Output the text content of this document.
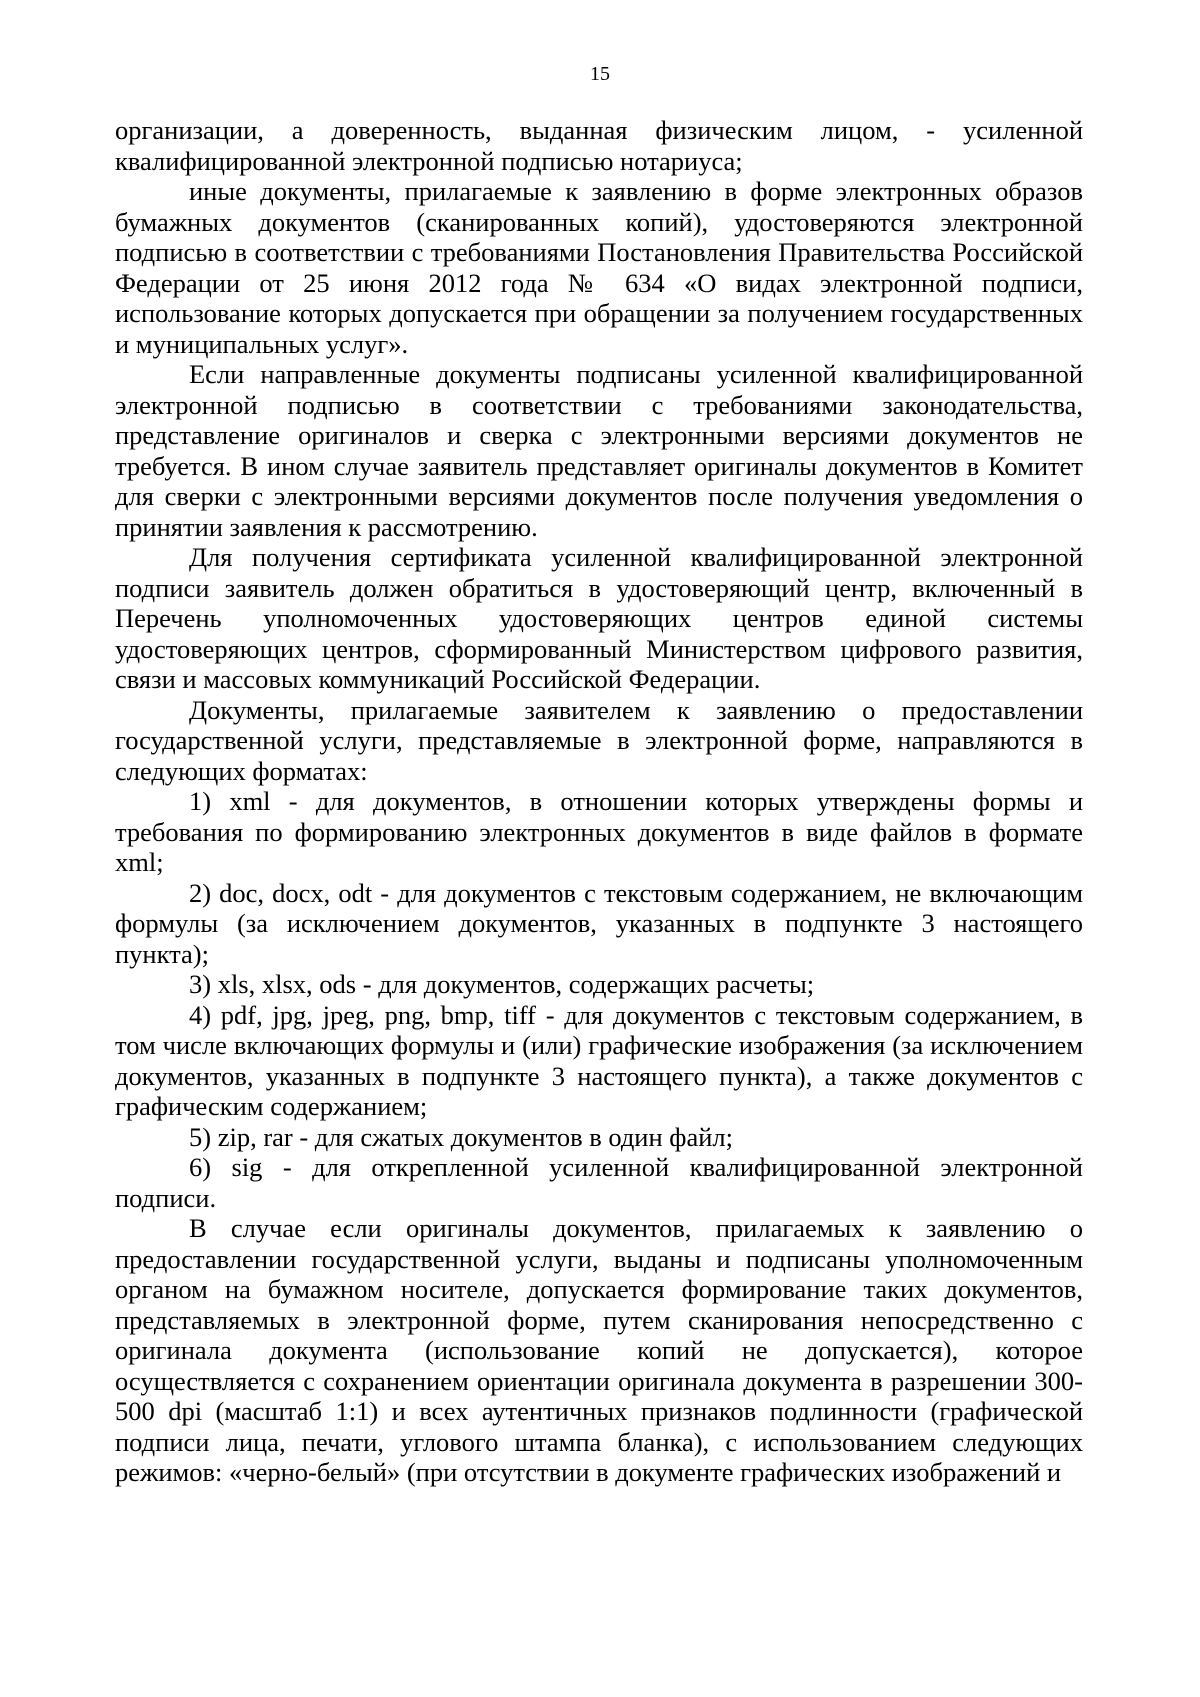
15

организации, а доверенность, выданная физическим лицом, - усиленной квалифицированной электронной подписью нотариуса;

иные документы, прилагаемые к заявлению в форме электронных образов бумажных документов (сканированных копий), удостоверяются электронной подписью в соответствии с требованиями Постановления Правительства Российской Федерации от 25 июня 2012 года № 634 «О видах электронной подписи, использование которых допускается при обращении за получением государственных и муниципальных услуг».

Если направленные документы подписаны усиленной квалифицированной электронной подписью в соответствии с требованиями законодательства, представление оригиналов и сверка с электронными версиями документов не требуется. В ином случае заявитель представляет оригиналы документов в Комитет для сверки с электронными версиями документов после получения уведомления о принятии заявления к рассмотрению.

Для получения сертификата усиленной квалифицированной электронной подписи заявитель должен обратиться в удостоверяющий центр, включенный в Перечень уполномоченных удостоверяющих центров единой системы удостоверяющих центров, сформированный Министерством цифрового развития, связи и массовых коммуникаций Российской Федерации.

Документы, прилагаемые заявителем к заявлению о предоставлении государственной услуги, представляемые в электронной форме, направляются в следующих форматах:

1) xml - для документов, в отношении которых утверждены формы и требования по формированию электронных документов в виде файлов в формате xml;

2) doc, docx, odt - для документов с текстовым содержанием, не включающим формулы (за исключением документов, указанных в подпункте 3 настоящего пункта);

3) xls, xlsx, ods - для документов, содержащих расчеты;

4) pdf, jpg, jpeg, png, bmp, tiff - для документов с текстовым содержанием, в том числе включающих формулы и (или) графические изображения (за исключением документов, указанных в подпункте 3 настоящего пункта), а также документов с графическим содержанием;

5) zip, rar - для сжатых документов в один файл;

6) sig - для открепленной усиленной квалифицированной электронной подписи.

В случае если оригиналы документов, прилагаемых к заявлению о предоставлении государственной услуги, выданы и подписаны уполномоченным органом на бумажном носителе, допускается формирование таких документов, представляемых в электронной форме, путем сканирования непосредственно с оригинала документа (использование копий не допускается), которое осуществляется с сохранением ориентации оригинала документа в разрешении 300-500 dpi (масштаб 1:1) и всех аутентичных признаков подлинности (графической подписи лица, печати, углового штампа бланка), с использованием следующих режимов: «черно-белый» (при отсутствии в документе графических изображений и
